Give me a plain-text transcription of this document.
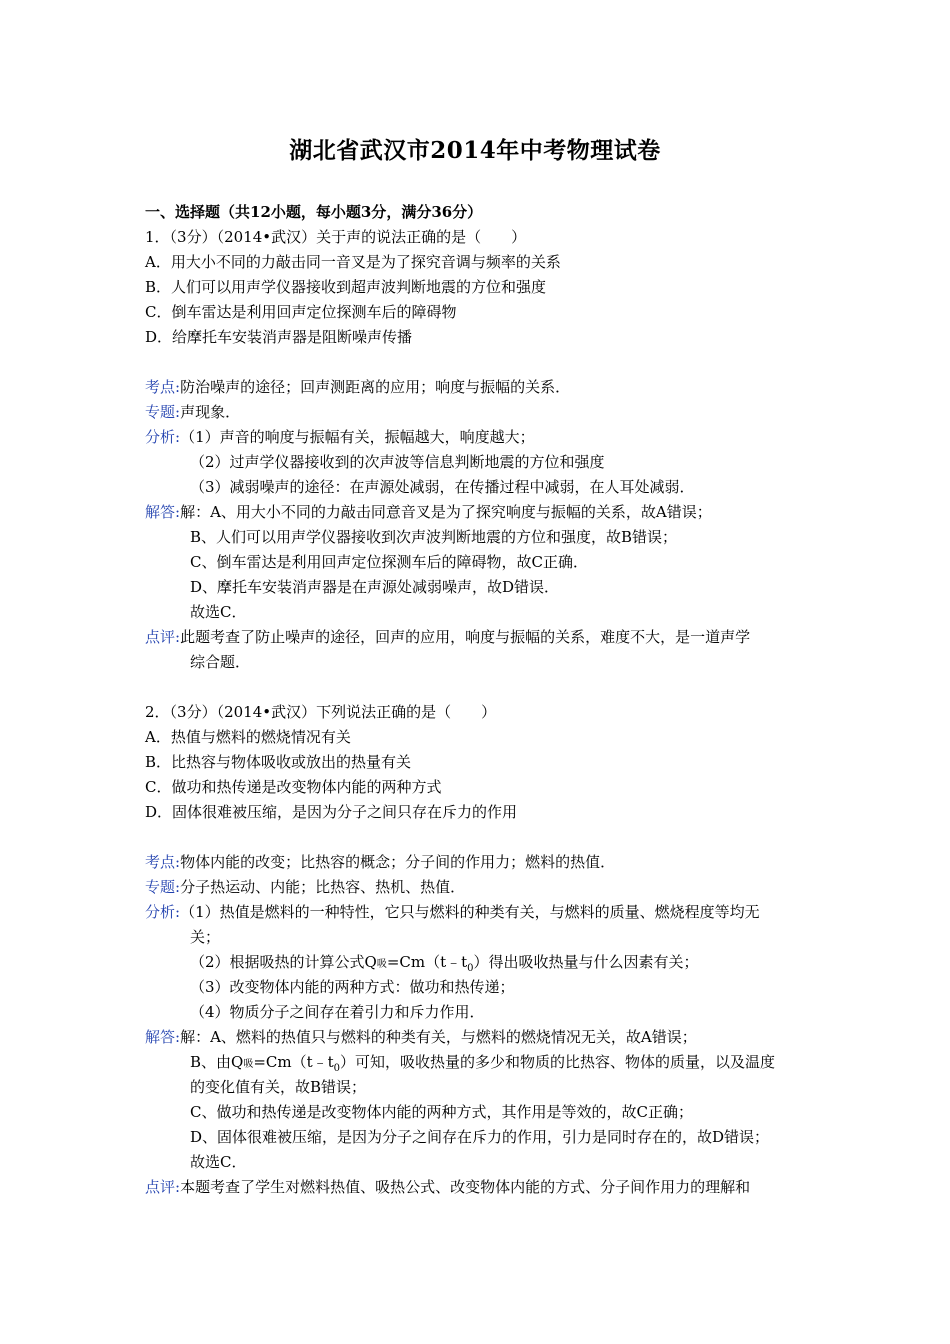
湖北省武汉市2014年中考物理试卷
一、选择题（共12小题，每小题3分，满分36分）
1．（3分）（2014•武汉）关于声的说法正确的是（　　）
A．用大小不同的力敲击同一音叉是为了探究音调与频率的关系
B．人们可以用声学仪器接收到超声波判断地震的方位和强度
C．倒车雷达是利用回声定位探测车后的障碍物
D．给摩托车安装消声器是阻断噪声传播
考点:防治噪声的途径；回声测距离的应用；响度与振幅的关系．
专题:声现象．
分析:（1）声音的响度与振幅有关，振幅越大，响度越大；
（2）过声学仪器接收到的次声波等信息判断地震的方位和强度
（3）减弱噪声的途径：在声源处减弱，在传播过程中减弱，在人耳处减弱．
解答:解：A、用大小不同的力敲击同意音叉是为了探究响度与振幅的关系，故A错误；
B、人们可以用声学仪器接收到次声波判断地震的方位和强度，故B错误；
C、倒车雷达是利用回声定位探测车后的障碍物，故C正确．
D、摩托车安装消声器是在声源处减弱噪声，故D错误．
故选C．
点评:此题考查了防止噪声的途径，回声的应用，响度与振幅的关系，难度不大，是一道声学
综合题．
2．（3分）（2014•武汉）下列说法正确的是（　　）
A．热值与燃料的燃烧情况有关
B．比热容与物体吸收或放出的热量有关
C．做功和热传递是改变物体内能的两种方式
D．固体很难被压缩，是因为分子之间只存在斥力的作用
考点:物体内能的改变；比热容的概念；分子间的作用力；燃料的热值．
专题:分子热运动、内能；比热容、热机、热值．
分析:（1）热值是燃料的一种特性，它只与燃料的种类有关，与燃料的质量、燃烧程度等均无
关；
（2）根据吸热的计算公式Q吸$=Cm(t﹣t_0)$得出吸收热量与什么因素有关；
（3）改变物体内能的两种方式：做功和热传递；
（4）物质分子之间存在着引力和斥力作用．
解答:解：A、燃料的热值只与燃料的种类有关，与燃料的燃烧情况无关，故A错误；
B、由Q吸$=Cm(t﹣t_0)$可知，吸收热量的多少和物质的比热容、物体的质量，以及温度
的变化值有关，故B错误；
C、做功和热传递是改变物体内能的两种方式，其作用是等效的，故C正确；
D、固体很难被压缩，是因为分子之间存在斥力的作用，引力是同时存在的，故D错误；
故选C．
点评:本题考查了学生对燃料热值、吸热公式、改变物体内能的方式、分子间作用力的理解和
